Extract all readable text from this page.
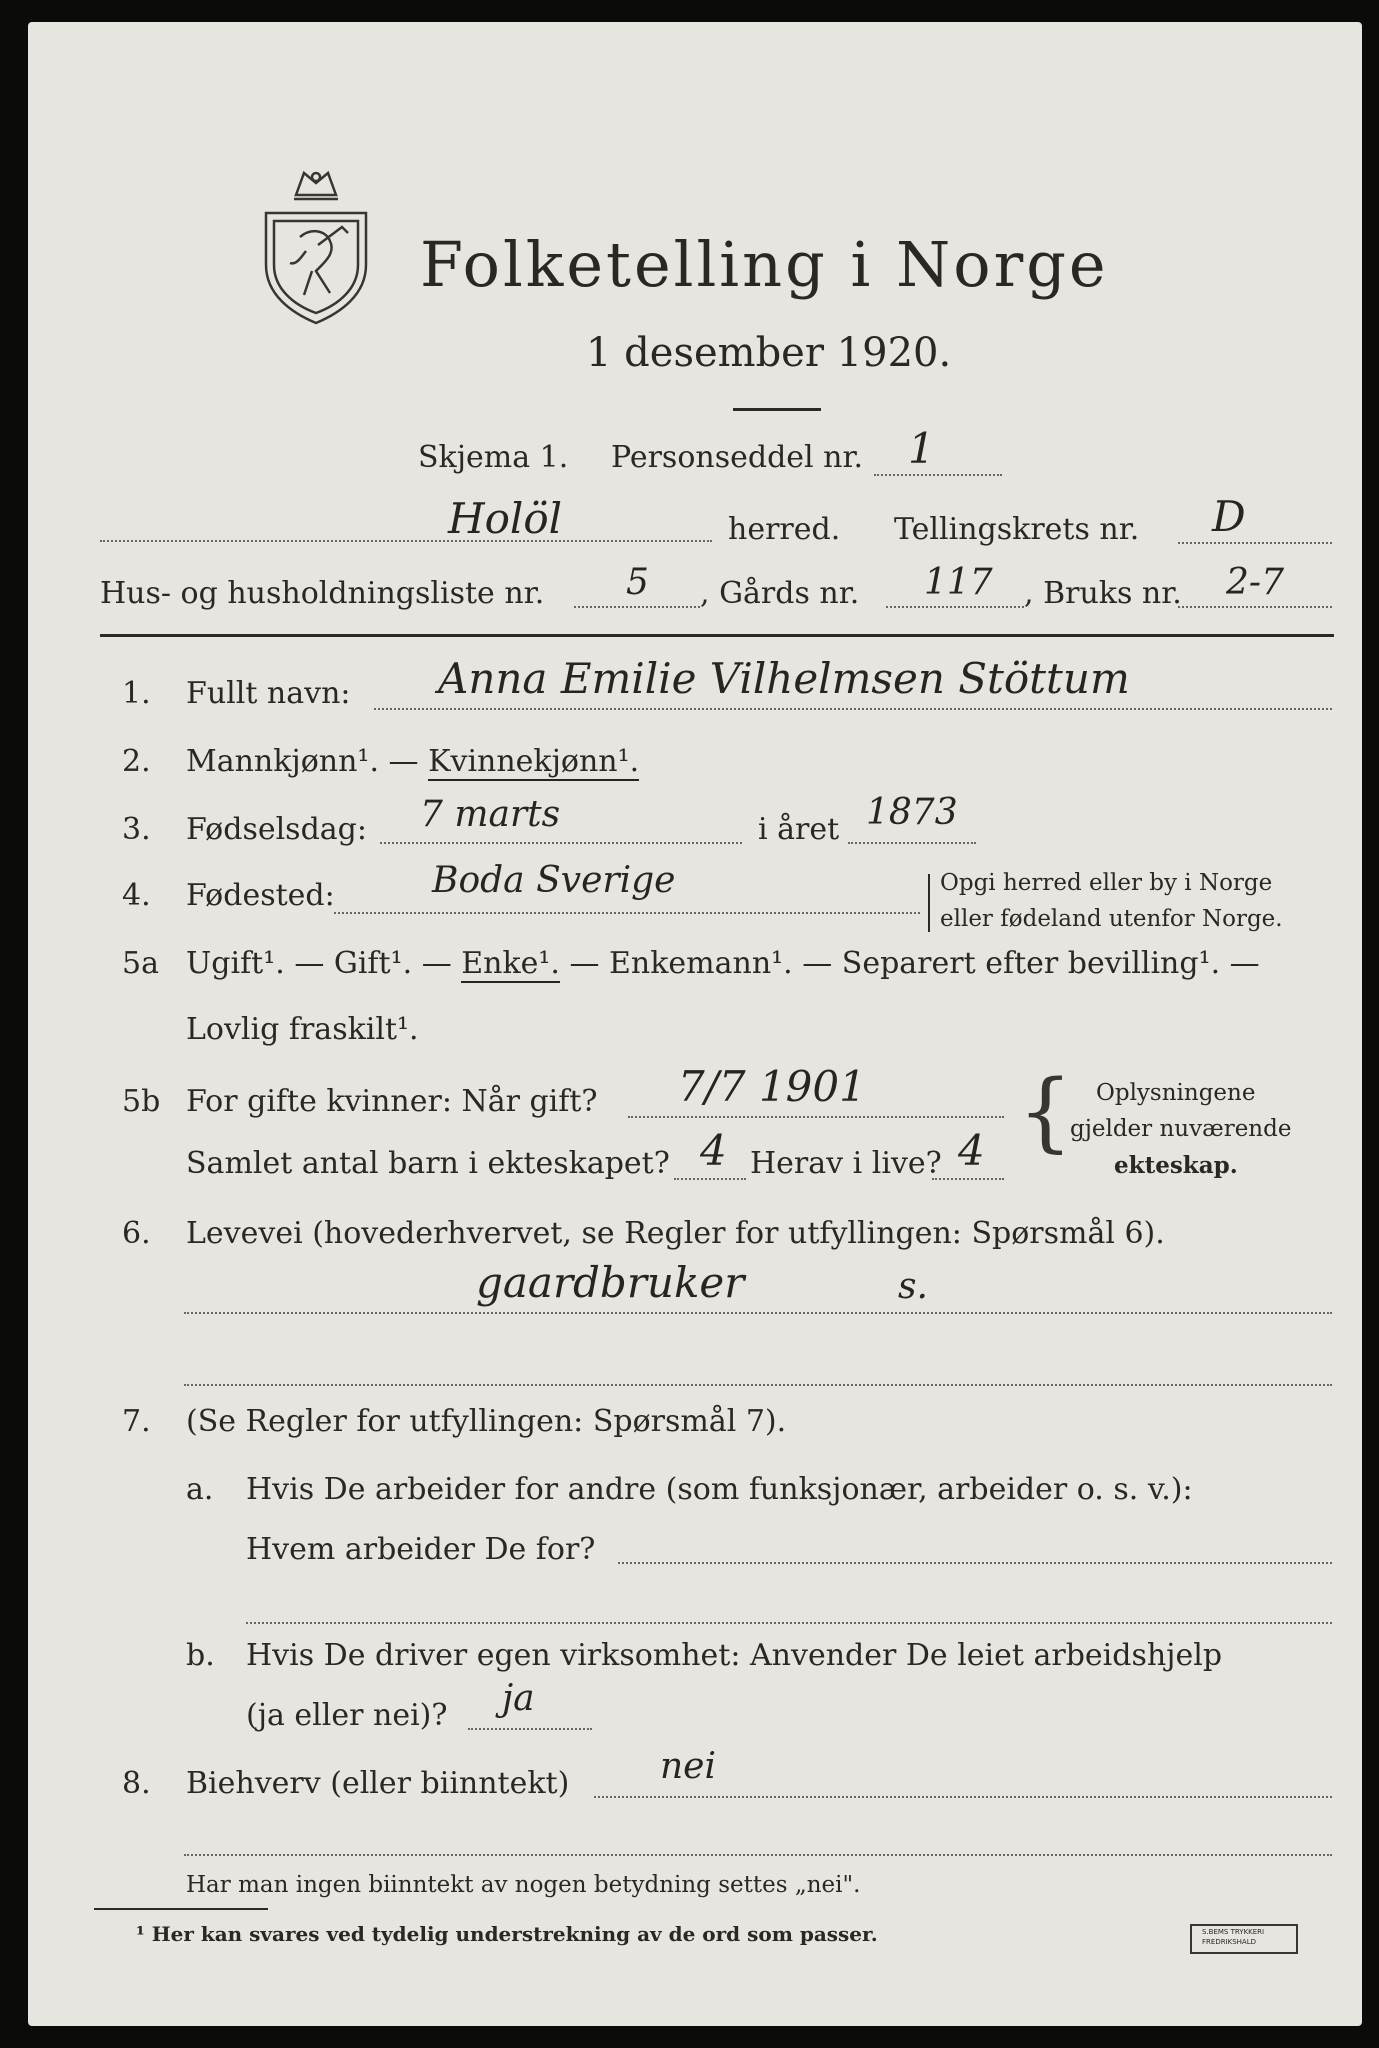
Folketelling i Norge
1 desember 1920.
Skjema 1. Personseddel nr. 1
Holöl	herred. Tellingskrets nr. D
Hus- og husholdningsliste nr. 5 , Gårds nr. 117 , Bruks nr. 2-7
1. Fullt navn: Anna Emilie Vilhelmsen Stöttum
2. Mannkjønn¹. — Kvinnekjønn¹.
3. Fødselsdag: 7 marts	i året 1873
4. Fødested:	Boda Sverige	Opgi herred eller by i Norge
eller fødeland utenfor Norge.
5a Ugift¹. — Gift¹. — Enke¹. — Enkemann¹. — Separert efter bevilling¹. —
Lovlig fraskilt¹.
5b For gifte kvinner: Når gift? 7/7 1901
Samlet antal barn i ekteskapet? 4 Herav i live? 4 { Oplysningene
gjelder nuværende
ekteskap.
6. Levevei (hovederhvervet, se Regler for utfyllingen: Spørsmål 6).
gaardbruker	s.
7. (Se Regler for utfyllingen: Spørsmål 7).
a. Hvis De arbeider for andre (som funksjonær, arbeider o. s. v.):
Hvem arbeider De for?
b. Hvis De driver egen virksomhet: Anvender De leiet arbeidshjelp
(ja eller nei)? ja
8. Biehverv (eller biinntekt)	nei
Har man ingen biinntekt av nogen betydning settes „nei".
¹ Her kan svares ved tydelig understrekning av de ord som passer.	S.BEMS TRYKKERI
FREDRIKSHALD
